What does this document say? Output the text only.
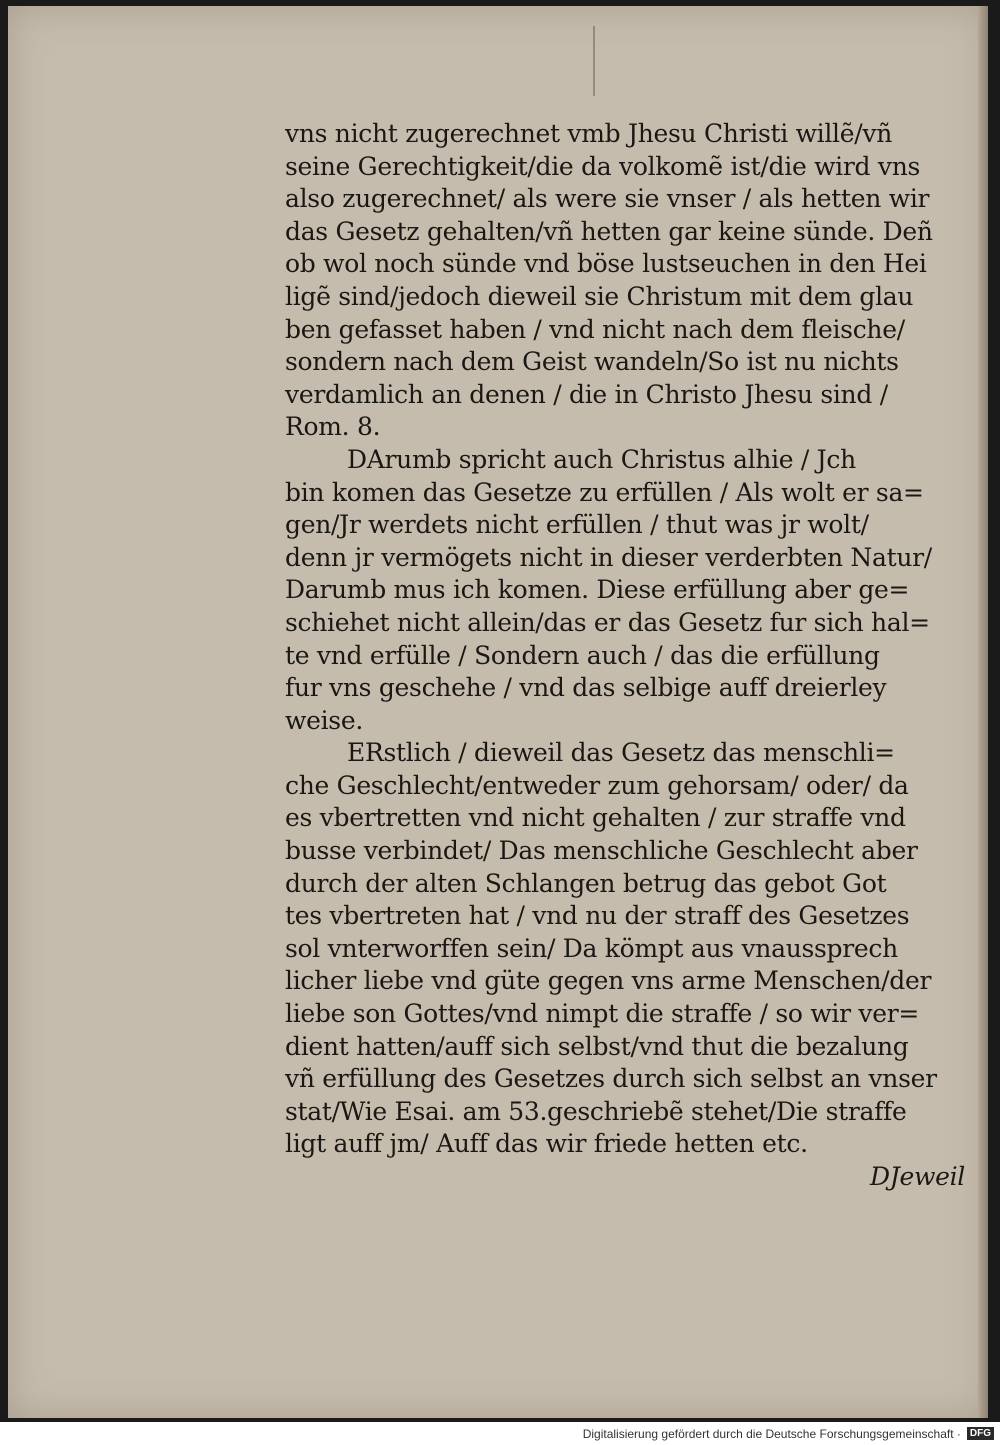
vns nicht zugerechnet vmb Jhesu Christi willẽ/vñ
seine Gerechtigkeit/die da volkomẽ ist/die wird vns
also zugerechnet/ als were sie vnser / als hetten wir
das Gesetz gehalten/vñ hetten gar keine sünde. Deñ
ob wol noch sünde vnd böse lustseuchen in den Hei
ligẽ sind/jedoch dieweil sie Christum mit dem glau
ben gefasset haben / vnd nicht nach dem fleische/
sondern nach dem Geist wandeln/So ist nu nichts
verdamlich an denen / die in Christo Jhesu sind /
Rom. 8.
DArumb spricht auch Christus alhie / Jch
bin komen das Gesetze zu erfüllen / Als wolt er sa=
gen/Jr werdets nicht erfüllen / thut was jr wolt/
denn jr vermögets nicht in dieser verderbten Natur/
Darumb mus ich komen. Diese erfüllung aber ge=
schiehet nicht allein/das er das Gesetz fur sich hal=
te vnd erfülle / Sondern auch / das die erfüllung
fur vns geschehe / vnd das selbige auff dreierley
weise.
ERstlich / dieweil das Gesetz das menschli=
che Geschlecht/entweder zum gehorsam/ oder/ da
es vbertretten vnd nicht gehalten / zur straffe vnd
busse verbindet/ Das menschliche Geschlecht aber
durch der alten Schlangen betrug das gebot Got
tes vbertreten hat / vnd nu der straff des Gesetzes
sol vnterworffen sein/ Da kömpt aus vnaussprech
licher liebe vnd güte gegen vns arme Menschen/der
liebe son Gottes/vnd nimpt die straffe / so wir ver=
dient hatten/auff sich selbst/vnd thut die bezalung
vñ erfüllung des Gesetzes durch sich selbst an vnser
stat/Wie Esai. am 53.geschriebẽ stehet/Die straffe
ligt auff jm/ Auff das wir friede hetten etc.
DJeweil
Digitalisierung gefördert durch die Deutsche Forschungsgemeinschaft · DFG
